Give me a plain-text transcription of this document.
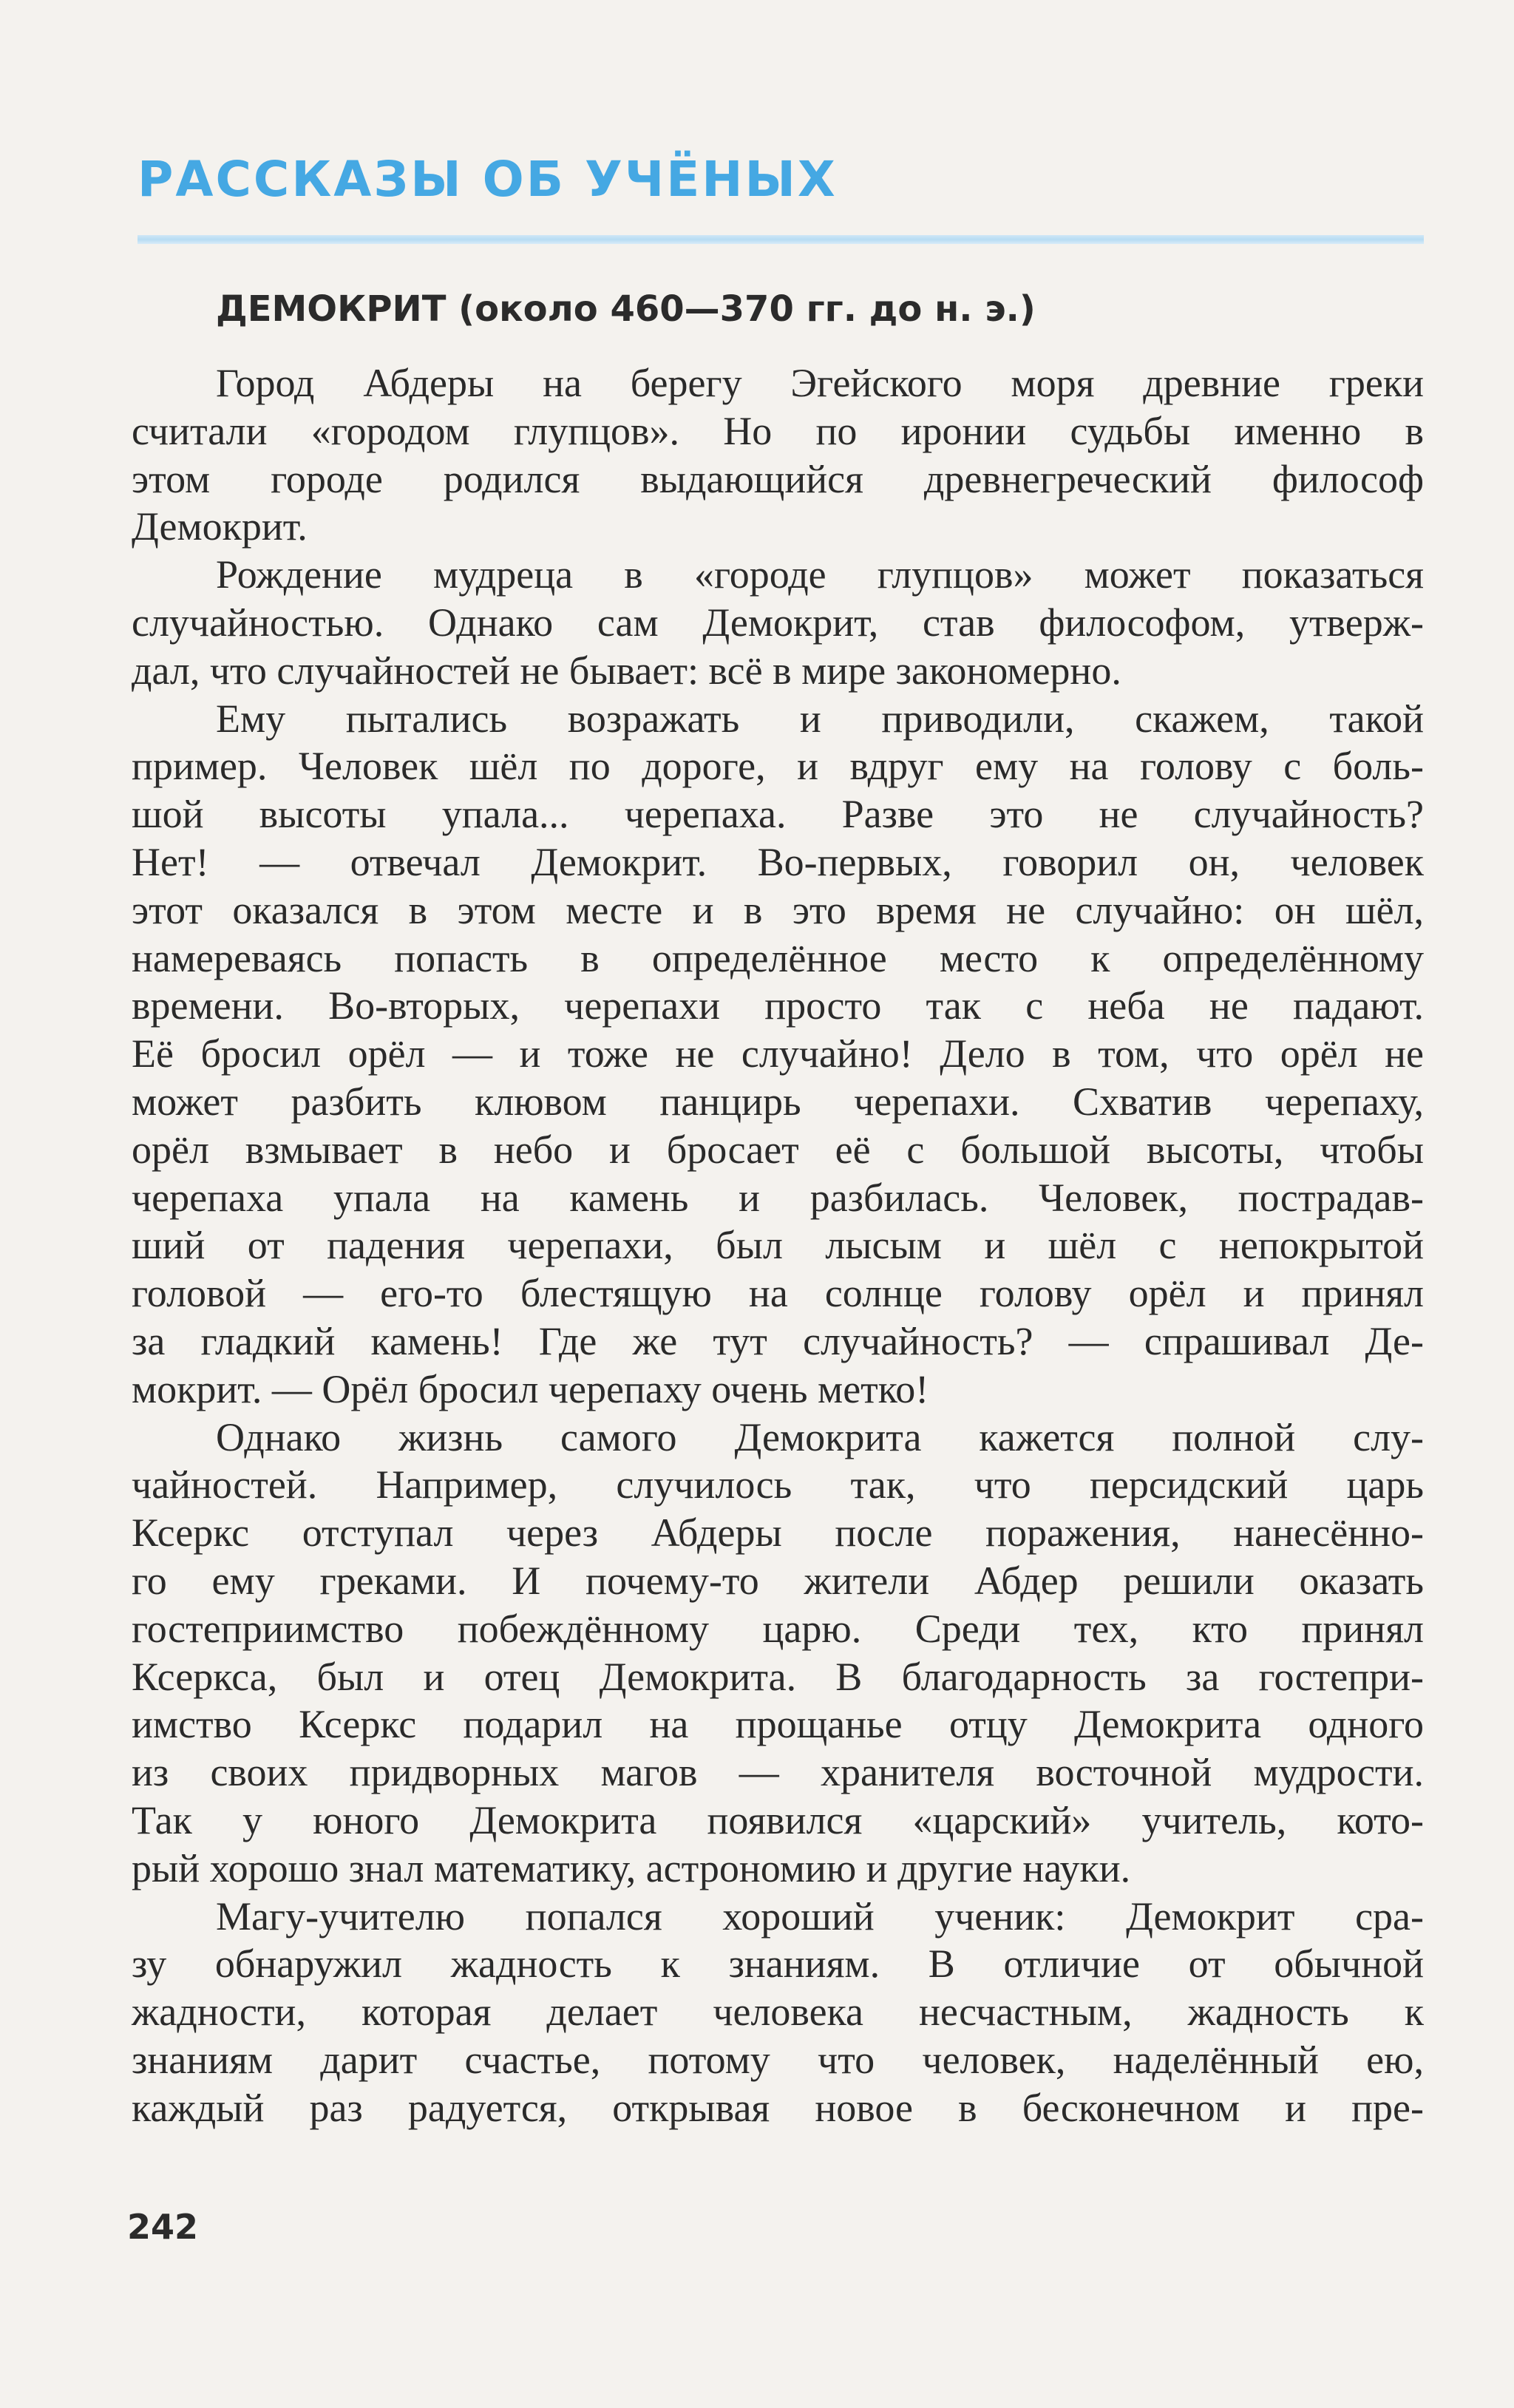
РАССКАЗЫ ОБ УЧЁНЫХ
ДЕМОКРИТ (около 460—370 гг. до н. э.)

Город Абдеры на берегу Эгейского моря древние греки
считали «городом глупцов». Но по иронии судьбы именно в
этом городе родился выдающийся древнегреческий философ
Демокрит.

Рождение мудреца в «городе глупцов» может показаться
случайностью. Однако сам Демокрит, став философом, утверж-
дал, что случайностей не бывает: всё в мире закономерно.

Ему пытались возражать и приводили, скажем, такой
пример. Человек шёл по дороге, и вдруг ему на голову с боль-
шой высоты упала... черепаха. Разве это не случайность?
Нет! — отвечал Демокрит. Во-первых, говорил он, человек
этот оказался в этом месте и в это время не случайно: он шёл,
намереваясь попасть в определённое место к определённому
времени. Во-вторых, черепахи просто так с неба не падают.
Её бросил орёл — и тоже не случайно! Дело в том, что орёл не
может разбить клювом панцирь черепахи. Схватив черепаху,
орёл взмывает в небо и бросает её с большой высоты, чтобы
черепаха упала на камень и разбилась. Человек, пострадав-
ший от падения черепахи, был лысым и шёл с непокрытой
головой — его-то блестящую на солнце голову орёл и принял
за гладкий камень! Где же тут случайность? — спрашивал Де-
мокрит. — Орёл бросил черепаху очень метко!

Однако жизнь самого Демокрита кажется полной слу-
чайностей. Например, случилось так, что персидский царь
Ксеркс отступал через Абдеры после поражения, нанесённо-
го ему греками. И почему-то жители Абдер решили оказать
гостеприимство побеждённому царю. Среди тех, кто принял
Ксеркса, был и отец Демокрита. В благодарность за гостепри-
имство Ксеркс подарил на прощанье отцу Демокрита одного
из своих придворных магов — хранителя восточной мудрости.
Так у юного Демокрита появился «царский» учитель, кото-
рый хорошо знал математику, астрономию и другие науки.

Магу-учителю попался хороший ученик: Демокрит сра-
зу обнаружил жадность к знаниям. В отличие от обычной
жадности, которая делает человека несчастным, жадность к
знаниям дарит счастье, потому что человек, наделённый ею,
каждый раз радуется, открывая новое в бесконечном и пре-

242
